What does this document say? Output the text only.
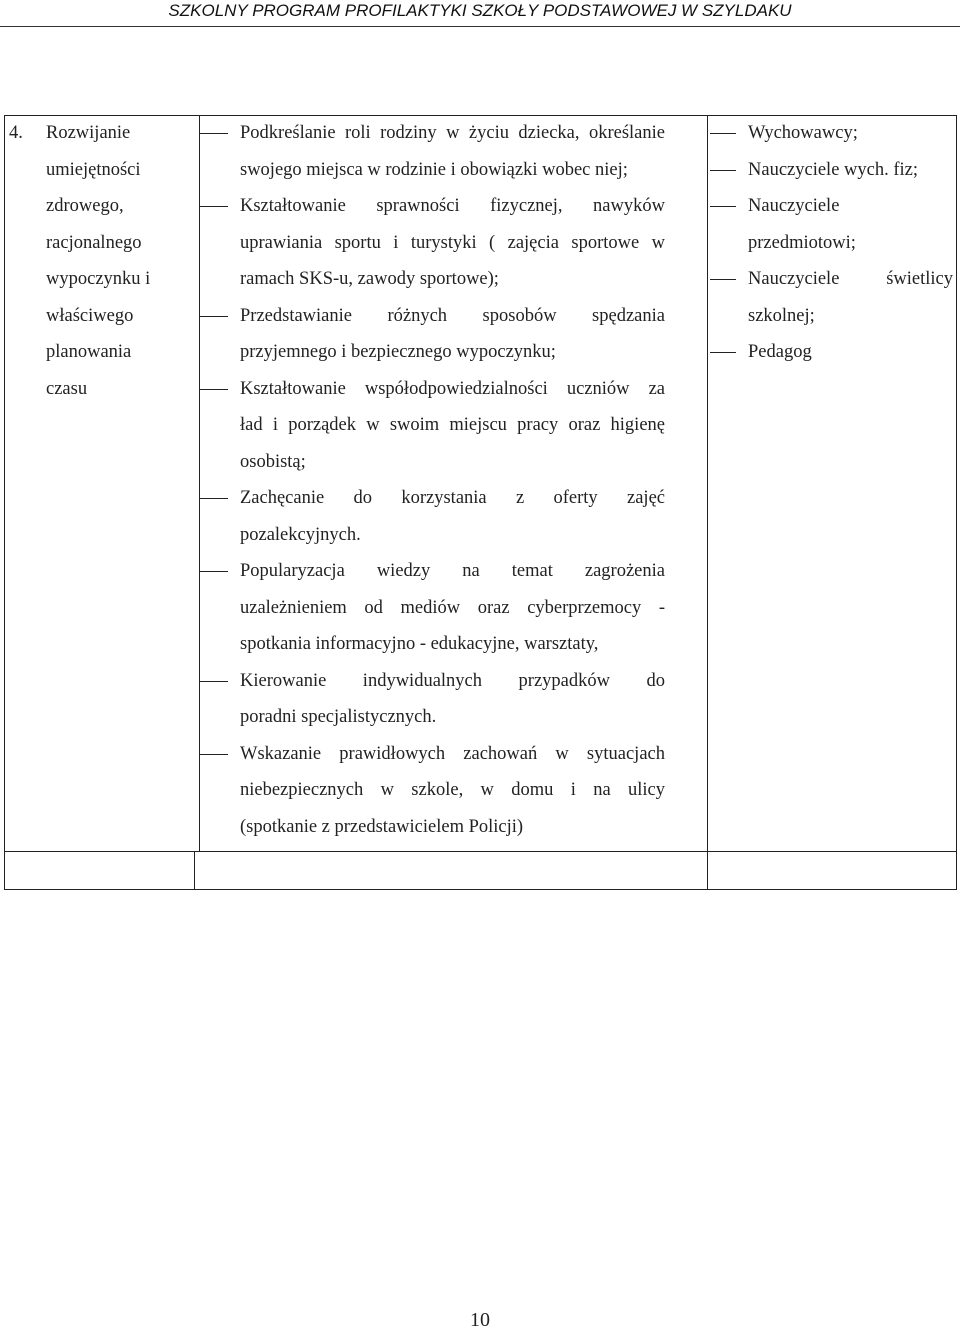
SZKOLNY PROGRAM PROFILAKTYKI SZKOŁY PODSTAWOWEJ W SZYLDAKU
4. Rozwijanie
umiejętności
zdrowego,
racjonalnego
wypoczynku i
właściwego
planowania
czasu
Podkreślanie roli rodziny w życiu dziecka, określanie
swojego miejsca w rodzinie i obowiązki wobec niej;
Kształtowanie sprawności fizycznej, nawyków
uprawiania sportu i turystyki ( zajęcia sportowe w
ramach SKS-u, zawody sportowe);
Przedstawianie różnych sposobów spędzania
przyjemnego i bezpiecznego wypoczynku;
Kształtowanie współodpowiedzialności uczniów za
ład i porządek w swoim miejscu pracy oraz higienę
osobistą;
Zachęcanie do korzystania z oferty zajęć
pozalekcyjnych.
Popularyzacja wiedzy na temat zagrożenia
uzależnieniem od mediów oraz cyberprzemocy -
spotkania informacyjno - edukacyjne, warsztaty,
Kierowanie indywidualnych przypadków do
poradni specjalistycznych.
Wskazanie prawidłowych zachowań w sytuacjach
niebezpiecznych w szkole, w domu i na ulicy
(spotkanie z przedstawicielem Policji)
Wychowawcy;
Nauczyciele wych. fiz;
Nauczyciele
przedmiotowi;
Nauczyciele świetlicy
szkolnej;
Pedagog
10
